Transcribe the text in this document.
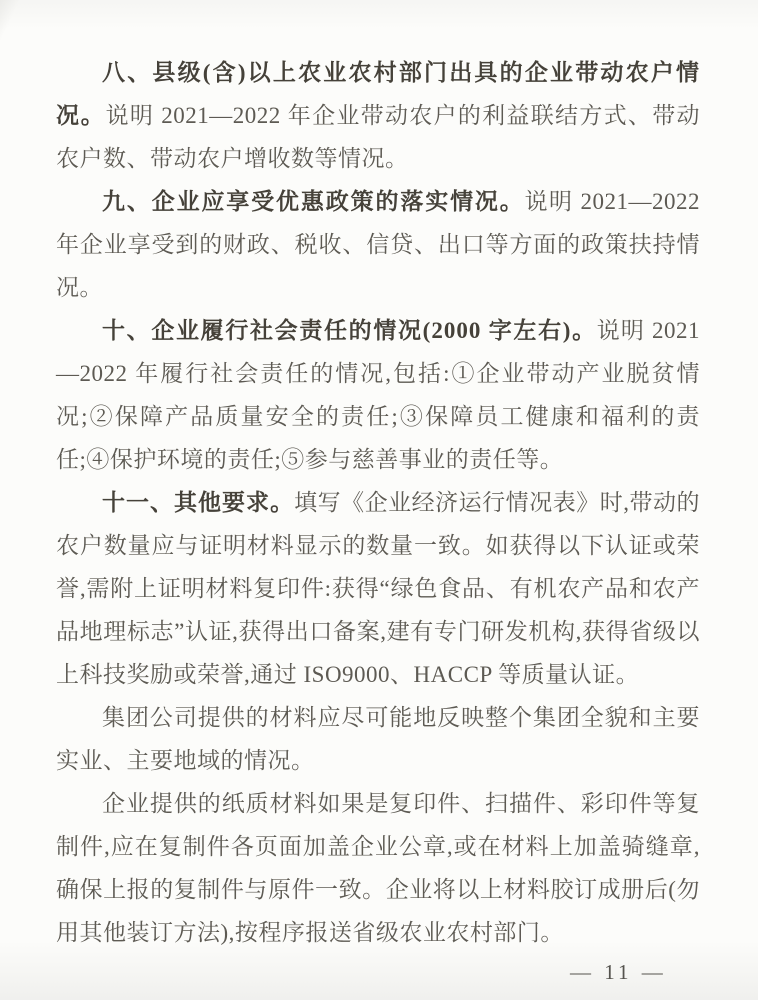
八、县级(含)以上农业农村部门出具的企业带动农户情况。说明 2021—2022 年企业带动农户的利益联结方式、带动农户数、带动农户增收数等情况。

九、企业应享受优惠政策的落实情况。说明 2021—2022 年企业享受到的财政、税收、信贷、出口等方面的政策扶持情况。

十、企业履行社会责任的情况(2000 字左右)。说明 2021—2022 年履行社会责任的情况,包括:①企业带动产业脱贫情况;②保障产品质量安全的责任;③保障员工健康和福利的责任;④保护环境的责任;⑤参与慈善事业的责任等。

十一、其他要求。填写《企业经济运行情况表》时,带动的农户数量应与证明材料显示的数量一致。如获得以下认证或荣誉,需附上证明材料复印件:获得“绿色食品、有机农产品和农产品地理标志”认证,获得出口备案,建有专门研发机构,获得省级以上科技奖励或荣誉,通过 ISO9000、HACCP 等质量认证。

集团公司提供的材料应尽可能地反映整个集团全貌和主要实业、主要地域的情况。

企业提供的纸质材料如果是复印件、扫描件、彩印件等复制件,应在复制件各页面加盖企业公章,或在材料上加盖骑缝章,确保上报的复制件与原件一致。企业将以上材料胶订成册后(勿用其他装订方法),按程序报送省级农业农村部门。

— 11 —
